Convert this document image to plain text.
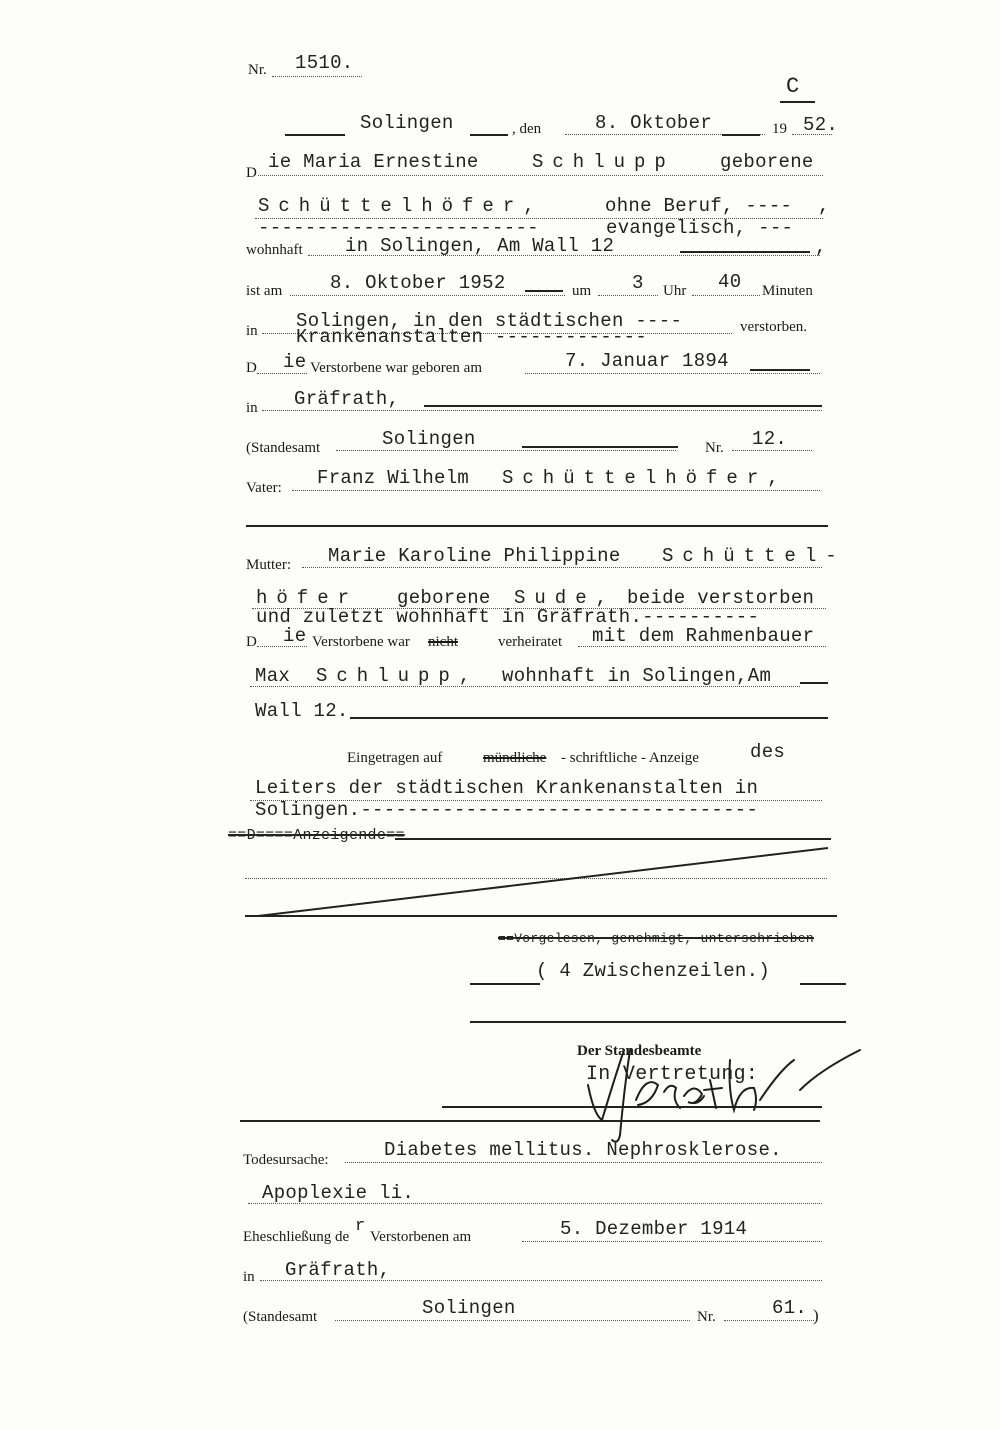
Nr. 1510.
C
Solingen	, den	8. Oktober	19 52.
D ie Maria Ernestine	Schlupp geborene
Schüttelhöfer,	ohne Beruf, ---- ,
------------------------	evangelisch, ---
wohnhaft in Solingen, Am Wall 12	,
ist am	8. Oktober 1952	um 3 Uhr 40 Minuten
in Solingen, in den städtischen ----
Krankenanstalten -------------	verstorben.
D ie Verstorbene war geboren am	7. Januar 1894
in Gräfrath,
(Standesamt	Solingen	Nr. 12.
Vater: Franz Wilhelm Schüttelhöfer,
Mutter: Marie Karoline Philippine Schüttel-
höfer geborene Sude, beide verstorben
und zuletzt wohnhaft in Gräfrath.----------
D ie Verstorbene war nicht	verheiratet mit dem Rahmenbauer
Max Schlupp, wohnhaft in Solingen,Am
Wall 12.
Eingetragen auf	mündliche - schriftliche - Anzeige	des
Leiters der städtischen Krankenanstalten in
Solingen.----------------------------------
==D====Anzeigende==
==Vorgelesen, genehmigt, unterschrieben
( 4 Zwischenzeilen.)
Der Standesbeamte
In Vertretung:
Todesursache:	Diabetes mellitus. Nephrosklerose.
Apoplexie li.
Eheschließung de
r
Verstorbenen am	5. Dezember 1914
in Gräfrath,
(Standesamt	Solingen	Nr.	61. )
